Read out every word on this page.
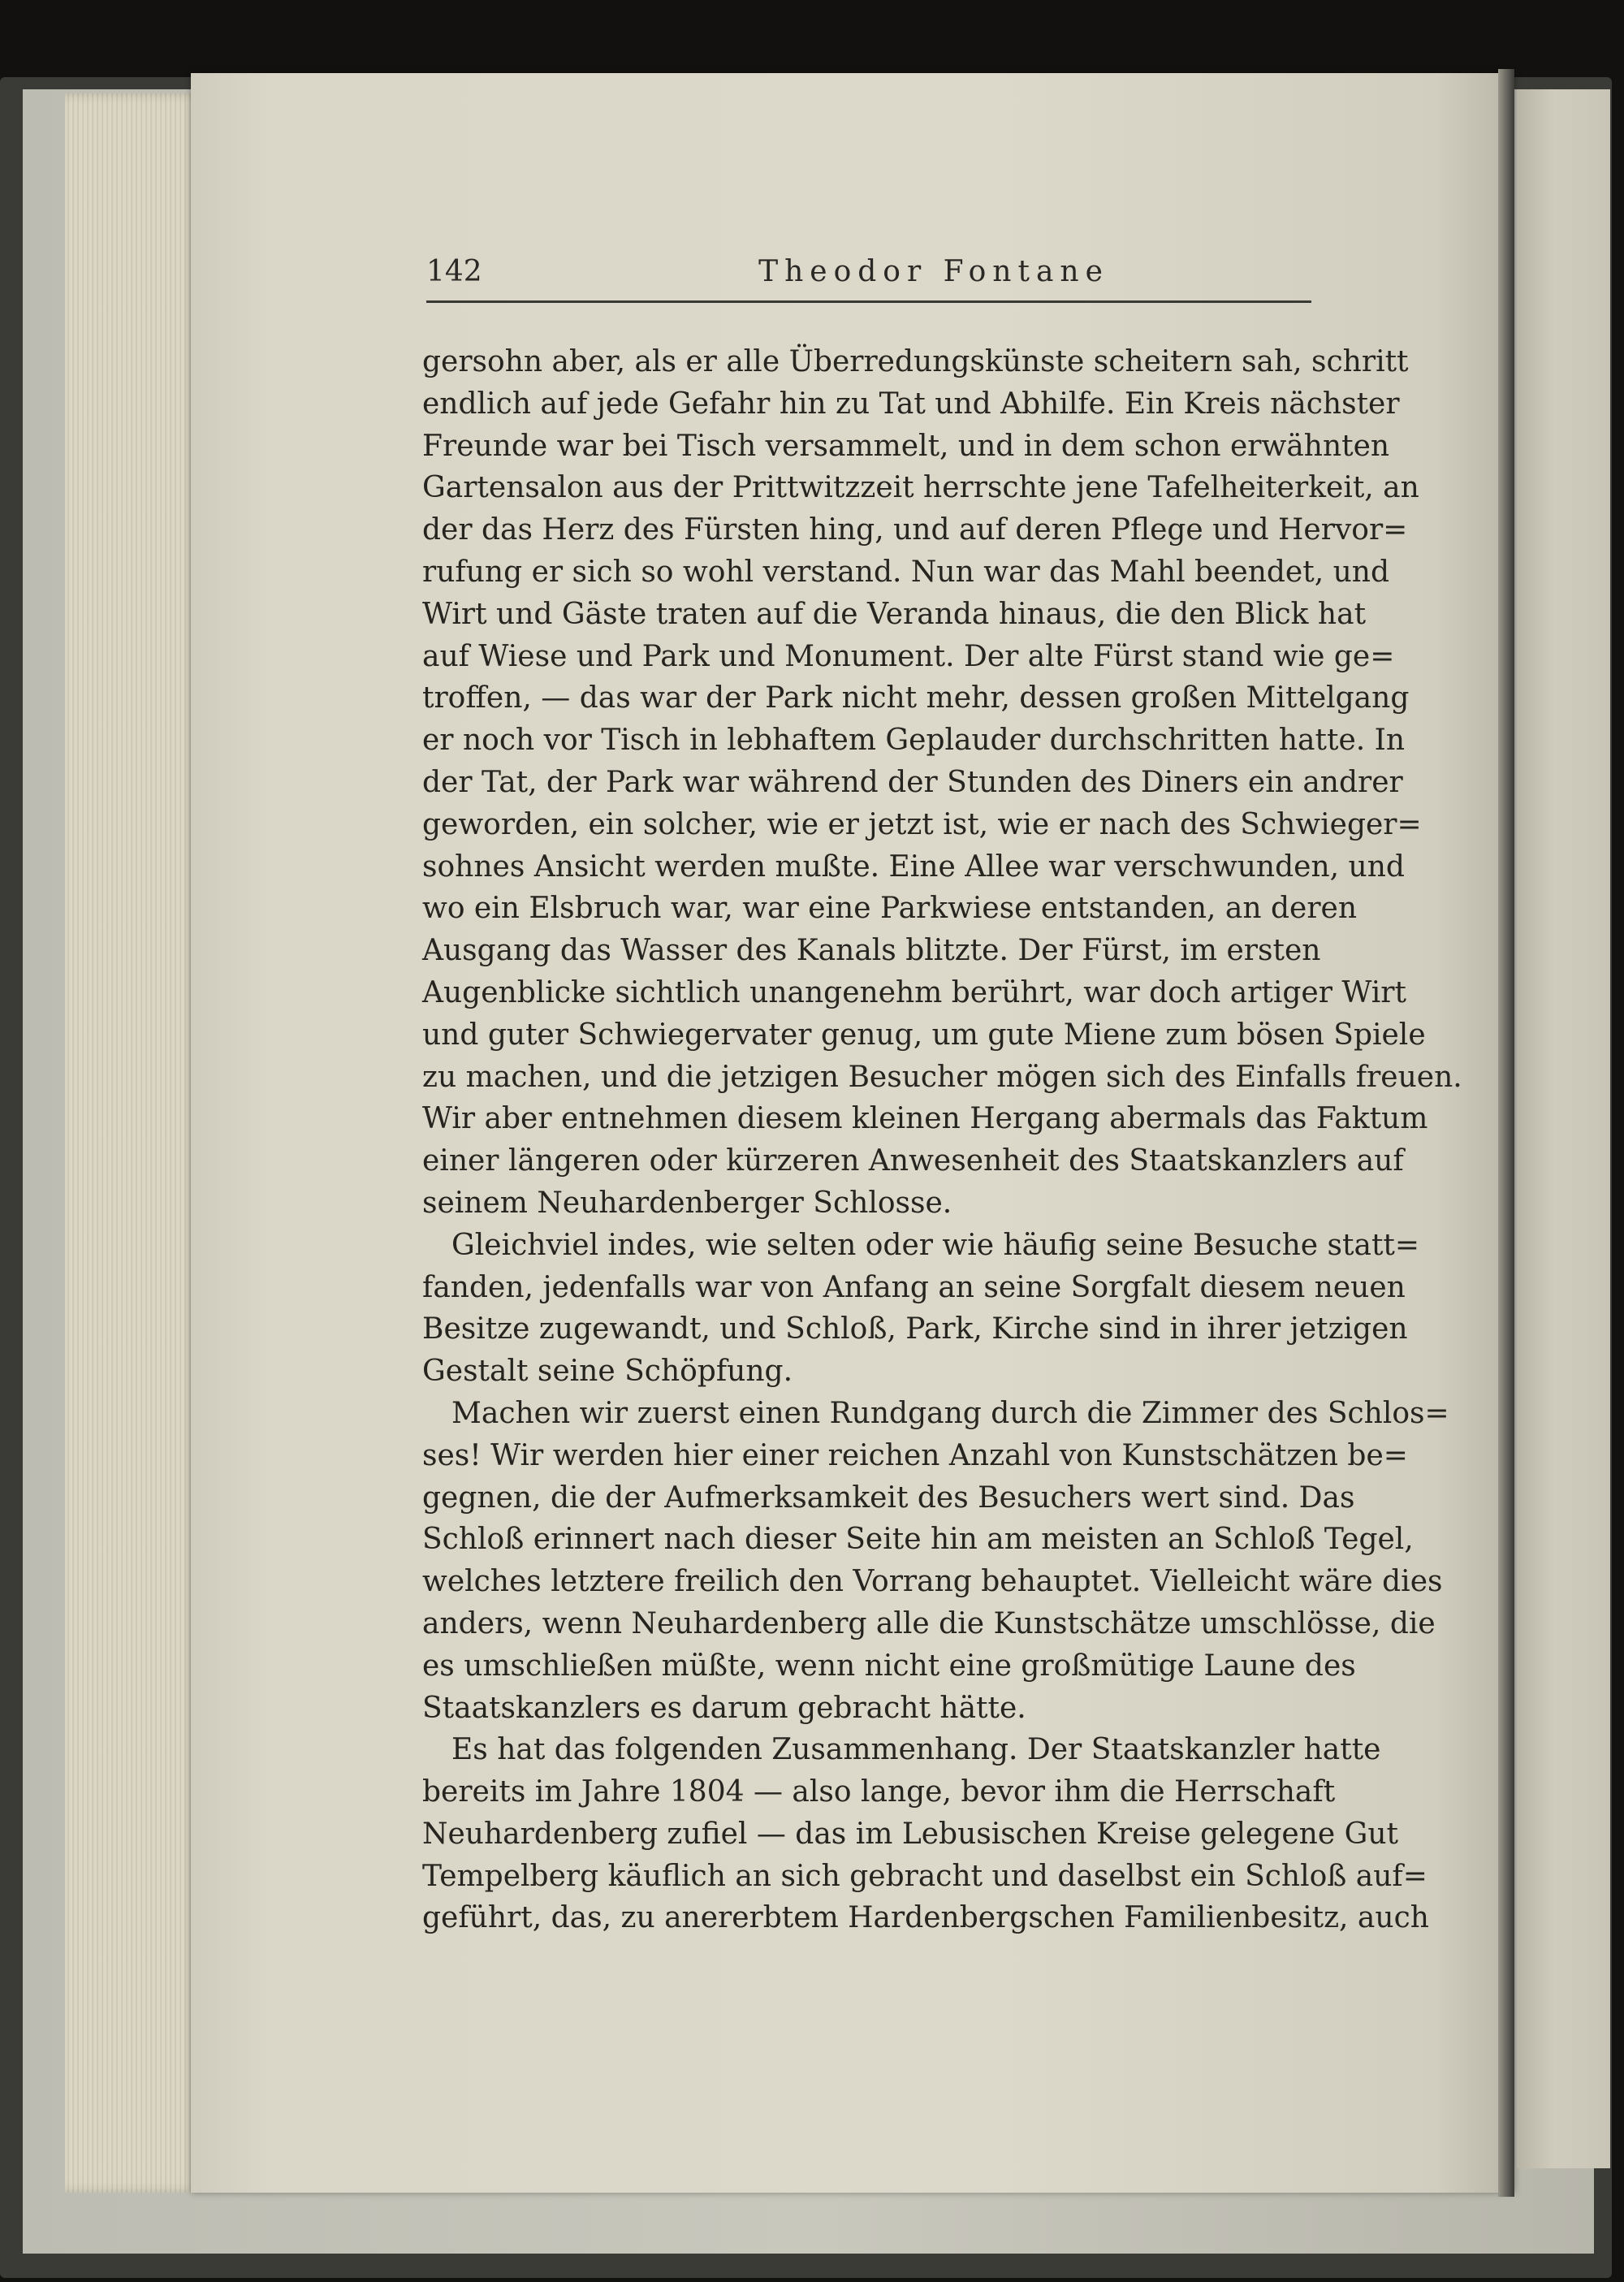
142	Theodor Fontane
gersohn aber, als er alle Überredungskünste scheitern sah, schritt
endlich auf jede Gefahr hin zu Tat und Abhilfe. Ein Kreis nächster
Freunde war bei Tisch versammelt, und in dem schon erwähnten
Gartensalon aus der Prittwitzzeit herrschte jene Tafelheiterkeit, an
der das Herz des Fürsten hing, und auf deren Pflege und Hervor=
rufung er sich so wohl verstand. Nun war das Mahl beendet, und
Wirt und Gäste traten auf die Veranda hinaus, die den Blick hat
auf Wiese und Park und Monument. Der alte Fürst stand wie ge=
troffen, — das war der Park nicht mehr, dessen großen Mittelgang
er noch vor Tisch in lebhaftem Geplauder durchschritten hatte. In
der Tat, der Park war während der Stunden des Diners ein andrer
geworden, ein solcher, wie er jetzt ist, wie er nach des Schwieger=
sohnes Ansicht werden mußte. Eine Allee war verschwunden, und
wo ein Elsbruch war, war eine Parkwiese entstanden, an deren
Ausgang das Wasser des Kanals blitzte. Der Fürst, im ersten
Augenblicke sichtlich unangenehm berührt, war doch artiger Wirt
und guter Schwiegervater genug, um gute Miene zum bösen Spiele
zu machen, und die jetzigen Besucher mögen sich des Einfalls freuen.
Wir aber entnehmen diesem kleinen Hergang abermals das Faktum
einer längeren oder kürzeren Anwesenheit des Staatskanzlers auf
seinem Neuhardenberger Schlosse.
Gleichviel indes, wie selten oder wie häufig seine Besuche statt=
fanden, jedenfalls war von Anfang an seine Sorgfalt diesem neuen
Besitze zugewandt, und Schloß, Park, Kirche sind in ihrer jetzigen
Gestalt seine Schöpfung.
Machen wir zuerst einen Rundgang durch die Zimmer des Schlos=
ses! Wir werden hier einer reichen Anzahl von Kunstschätzen be=
gegnen, die der Aufmerksamkeit des Besuchers wert sind. Das
Schloß erinnert nach dieser Seite hin am meisten an Schloß Tegel,
welches letztere freilich den Vorrang behauptet. Vielleicht wäre dies
anders, wenn Neuhardenberg alle die Kunstschätze umschlösse, die
es umschließen müßte, wenn nicht eine großmütige Laune des
Staatskanzlers es darum gebracht hätte.
Es hat das folgenden Zusammenhang. Der Staatskanzler hatte
bereits im Jahre 1804 — also lange, bevor ihm die Herrschaft
Neuhardenberg zufiel — das im Lebusischen Kreise gelegene Gut
Tempelberg käuflich an sich gebracht und daselbst ein Schloß auf=
geführt, das, zu anererbtem Hardenbergschen Familienbesitz, auch
